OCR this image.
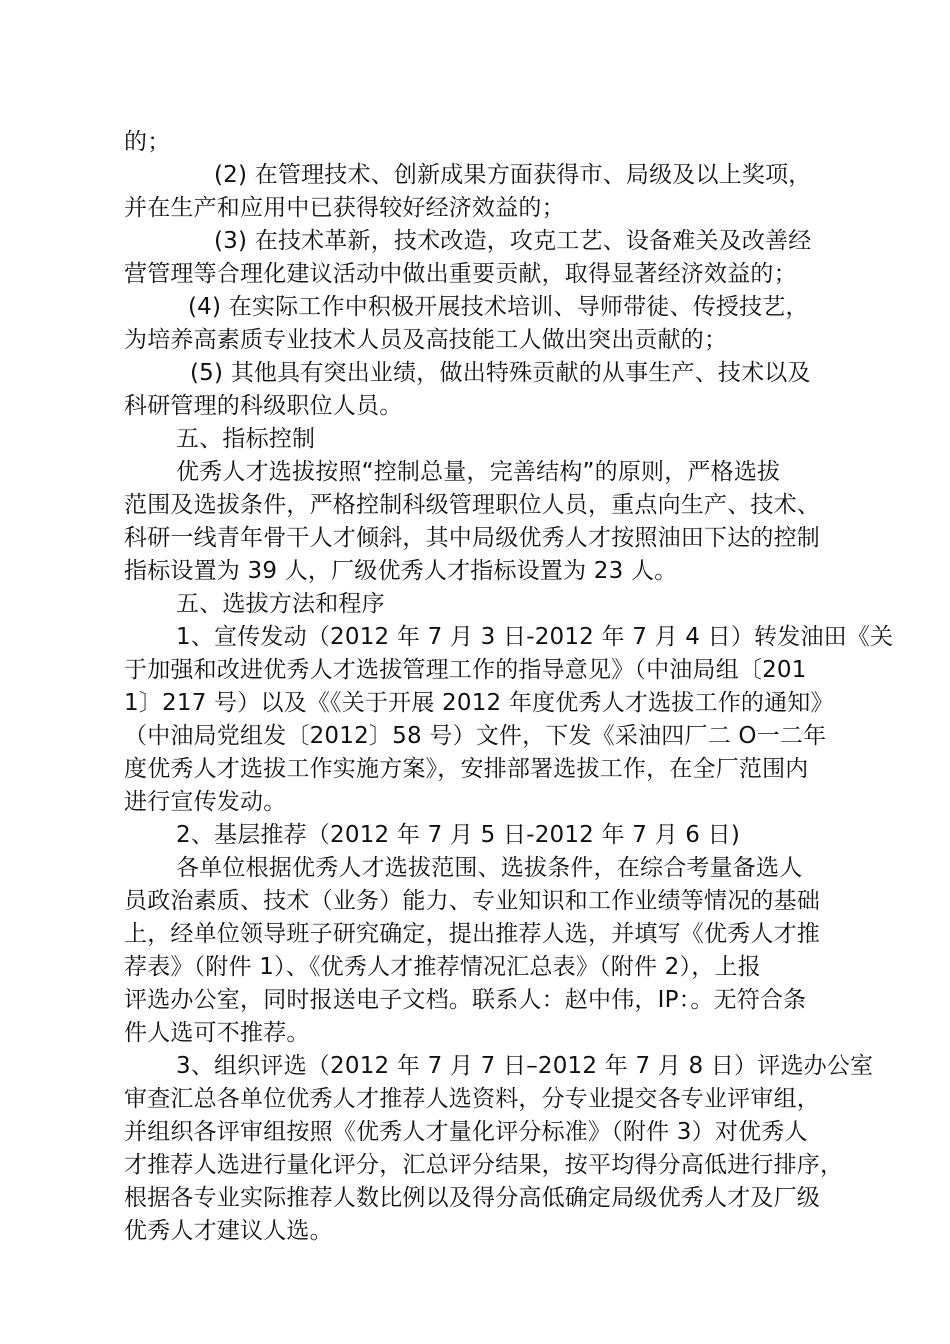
的；
(2) 在管理技术、创新成果方面获得市、局级及以上奖项，
并在生产和应用中已获得较好经济效益的；
(3) 在技术革新，技术改造，攻克工艺、设备难关及改善经
营管理等合理化建议活动中做出重要贡献，取得显著经济效益的；
(4) 在实际工作中积极开展技术培训、导师带徒、传授技艺，
为培养高素质专业技术人员及高技能工人做出突出贡献的；
(5) 其他具有突出业绩，做出特殊贡献的从事生产、技术以及
科研管理的科级职位人员。
五、指标控制
优秀人才选拔按照“控制总量，完善结构”的原则，严格选拔
范围及选拔条件，严格控制科级管理职位人员，重点向生产、技术、
科研一线青年骨干人才倾斜，其中局级优秀人才按照油田下达的控制
指标设置为 39 人，厂级优秀人才指标设置为 23 人。
五、选拔方法和程序
1、宣传发动（2012 年 7 月 3 日-2012 年 7 月 4 日）转发油田《关
于加强和改进优秀人才选拔管理工作的指导意见》（中油局组〔201
1〕217 号）以及《《关于开展 2012 年度优秀人才选拔工作的通知》
（中油局党组发〔2012〕58 号）文件，下发《采油四厂二 O一二年
度优秀人才选拔工作实施方案》，安排部署选拔工作，在全厂范围内
进行宣传发动。
2、基层推荐（2012 年 7 月 5 日-2012 年 7 月 6 日)
各单位根据优秀人才选拔范围、选拔条件，在综合考量备选人
员政治素质、技术（业务）能力、专业知识和工作业绩等情况的基础
上，经单位领导班子研究确定，提出推荐人选，并填写《优秀人才推
荐表》（附件 1）、《优秀人才推荐情况汇总表》（附件 2），上报
评选办公室，同时报送电子文档。联系人：赵中伟，IP：。无符合条
件人选可不推荐。
3、组织评选（2012 年 7 月 7 日–2012 年 7 月 8 日）评选办公室
审查汇总各单位优秀人才推荐人选资料，分专业提交各专业评审组，
并组织各评审组按照《优秀人才量化评分标准》（附件 3）对优秀人
才推荐人选进行量化评分，汇总评分结果，按平均得分高低进行排序，
根据各专业实际推荐人数比例以及得分高低确定局级优秀人才及厂级
优秀人才建议人选。
